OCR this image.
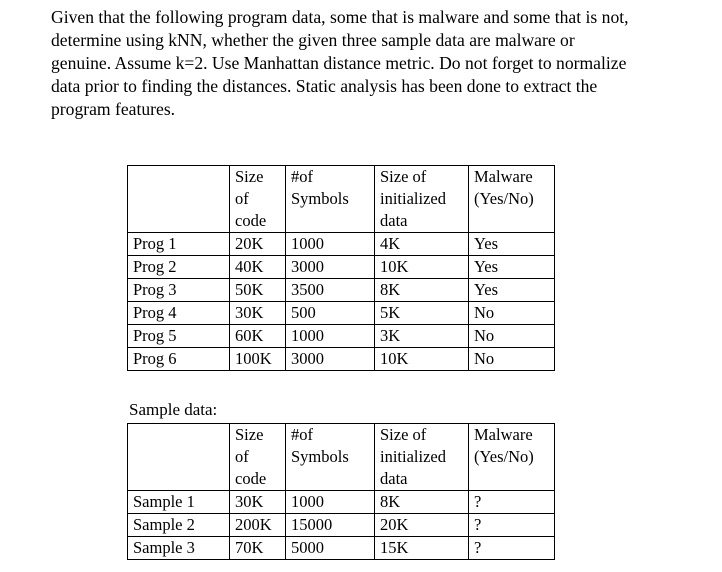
Given that the following program data, some that is malware and some that is not,
determine using kNN, whether the given three sample data are malware or
genuine. Assume k=2. Use Manhattan distance metric. Do not forget to normalize
data prior to finding the distances. Static analysis has been done to extract the
program features.

	Size
of
code	#of
Symbols	Size of
initialized
data	Malware
(Yes/No)

Prog 1	20K	1000	4K	Yes
Prog 2	40K	3000	10K	Yes
Prog 3	50K	3500	8K	Yes
Prog 4	30K	500	5K	No
Prog 5	60K	1000	3K	No
Prog 6	100K	3000	10K	No
Sample data:

	Size
of
code	#of
Symbols	Size of
initialized
data	Malware
(Yes/No)

Sample 1	30K	1000	8K	?
Sample 2	200K	15000	20K	?
Sample 3	70K	5000	15K	?
